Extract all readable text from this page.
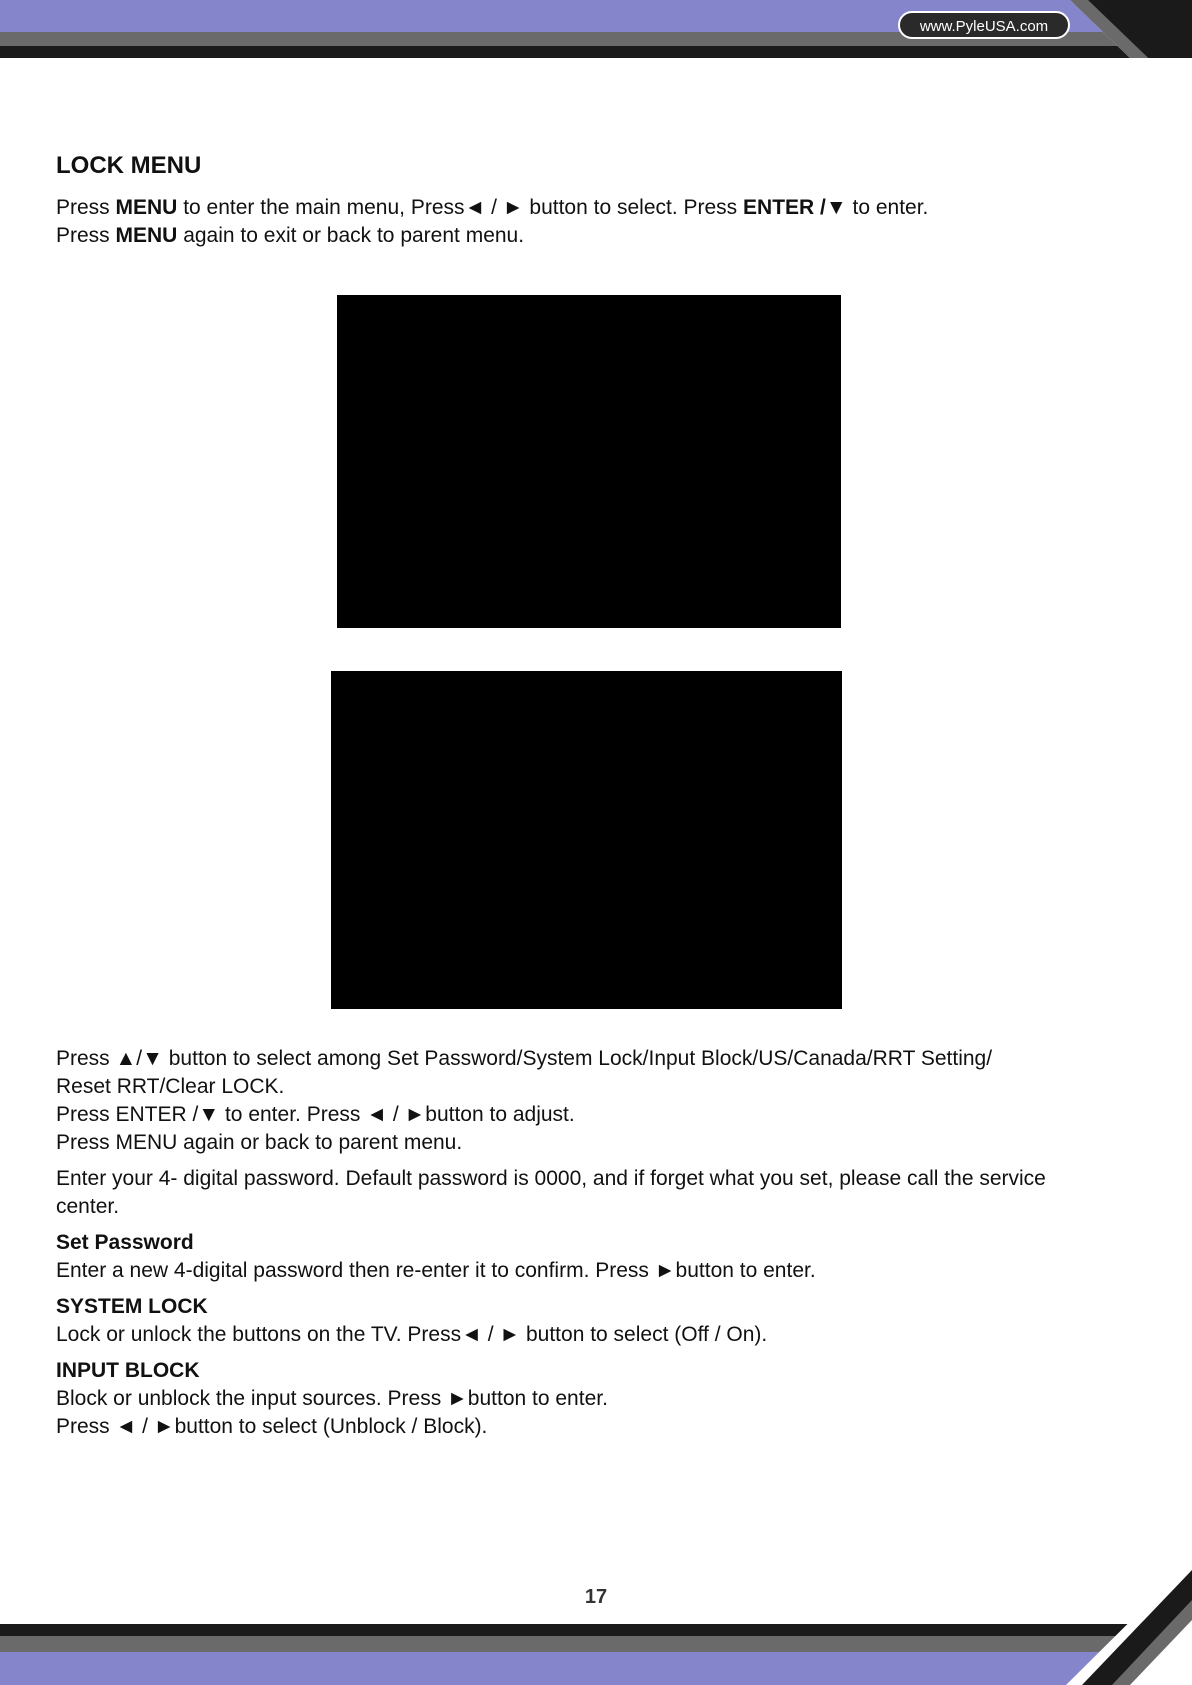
www.PyleUSA.com
LOCK MENU
Press MENU to enter the main menu, Press◄ / ► button to select. Press ENTER /▼ to enter.
Press MENU again to exit or back to parent menu.

Press ▲/▼ button to select among Set Password/System Lock/Input Block/US/Canada/RRT Setting/

Reset RRT/Clear LOCK.

Press ENTER /▼ to enter. Press ◄ / ►button to adjust.

Press MENU again or back to parent menu.

Enter your 4- digital password. Default password is 0000, and if forget what you set, please call the service

center.

Set Password

Enter a new 4-digital password then re-enter it to confirm. Press ►button to enter.

SYSTEM LOCK

Lock or unlock the buttons on the TV. Press◄ / ► button to select (Off / On).

INPUT BLOCK

Block or unblock the input sources. Press ►button to enter.

Press ◄ / ►button to select (Unblock / Block).

17
